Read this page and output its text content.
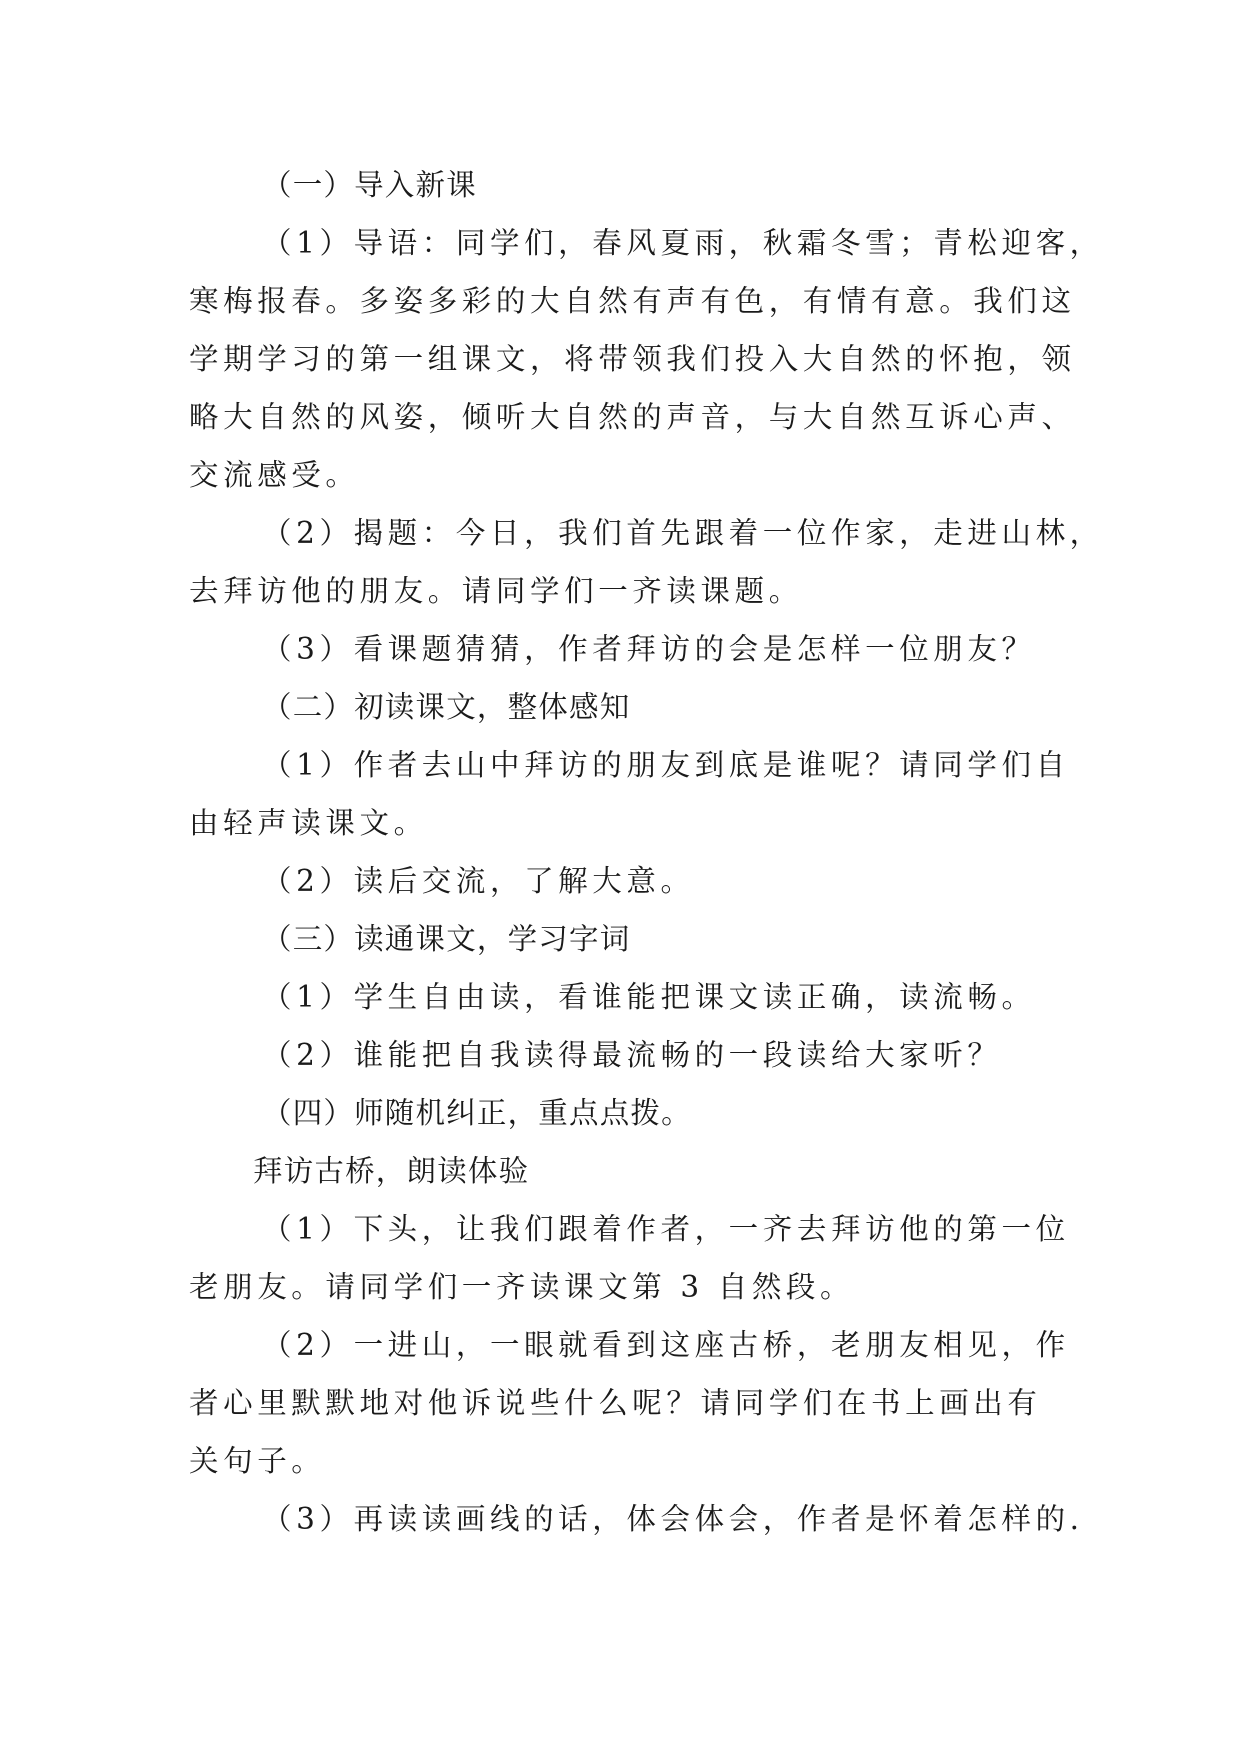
（一）导入新课
（1）导语：同学们，春风夏雨，秋霜冬雪；青松迎客，
寒梅报春。多姿多彩的大自然有声有色，有情有意。我们这
学期学习的第一组课文，将带领我们投入大自然的怀抱，领
略大自然的风姿，倾听大自然的声音，与大自然互诉心声、
交流感受。
（2）揭题：今日，我们首先跟着一位作家，走进山林，
去拜访他的朋友。请同学们一齐读课题。
（3）看课题猜猜，作者拜访的会是怎样一位朋友？
（二）初读课文，整体感知
（1）作者去山中拜访的朋友到底是谁呢？请同学们自
由轻声读课文。
（2）读后交流，了解大意。
（三）读通课文，学习字词
（1）学生自由读，看谁能把课文读正确，读流畅。
（2）谁能把自我读得最流畅的一段读给大家听？
（四）师随机纠正，重点点拨。
拜访古桥，朗读体验
（1）下头，让我们跟着作者，一齐去拜访他的第一位
老朋友。请同学们一齐读课文第 3 自然段。
（2）一进山，一眼就看到这座古桥，老朋友相见，作
者心里默默地对他诉说些什么呢？请同学们在书上画出有
关句子。
（3）再读读画线的话，体会体会，作者是怀着怎样的.
